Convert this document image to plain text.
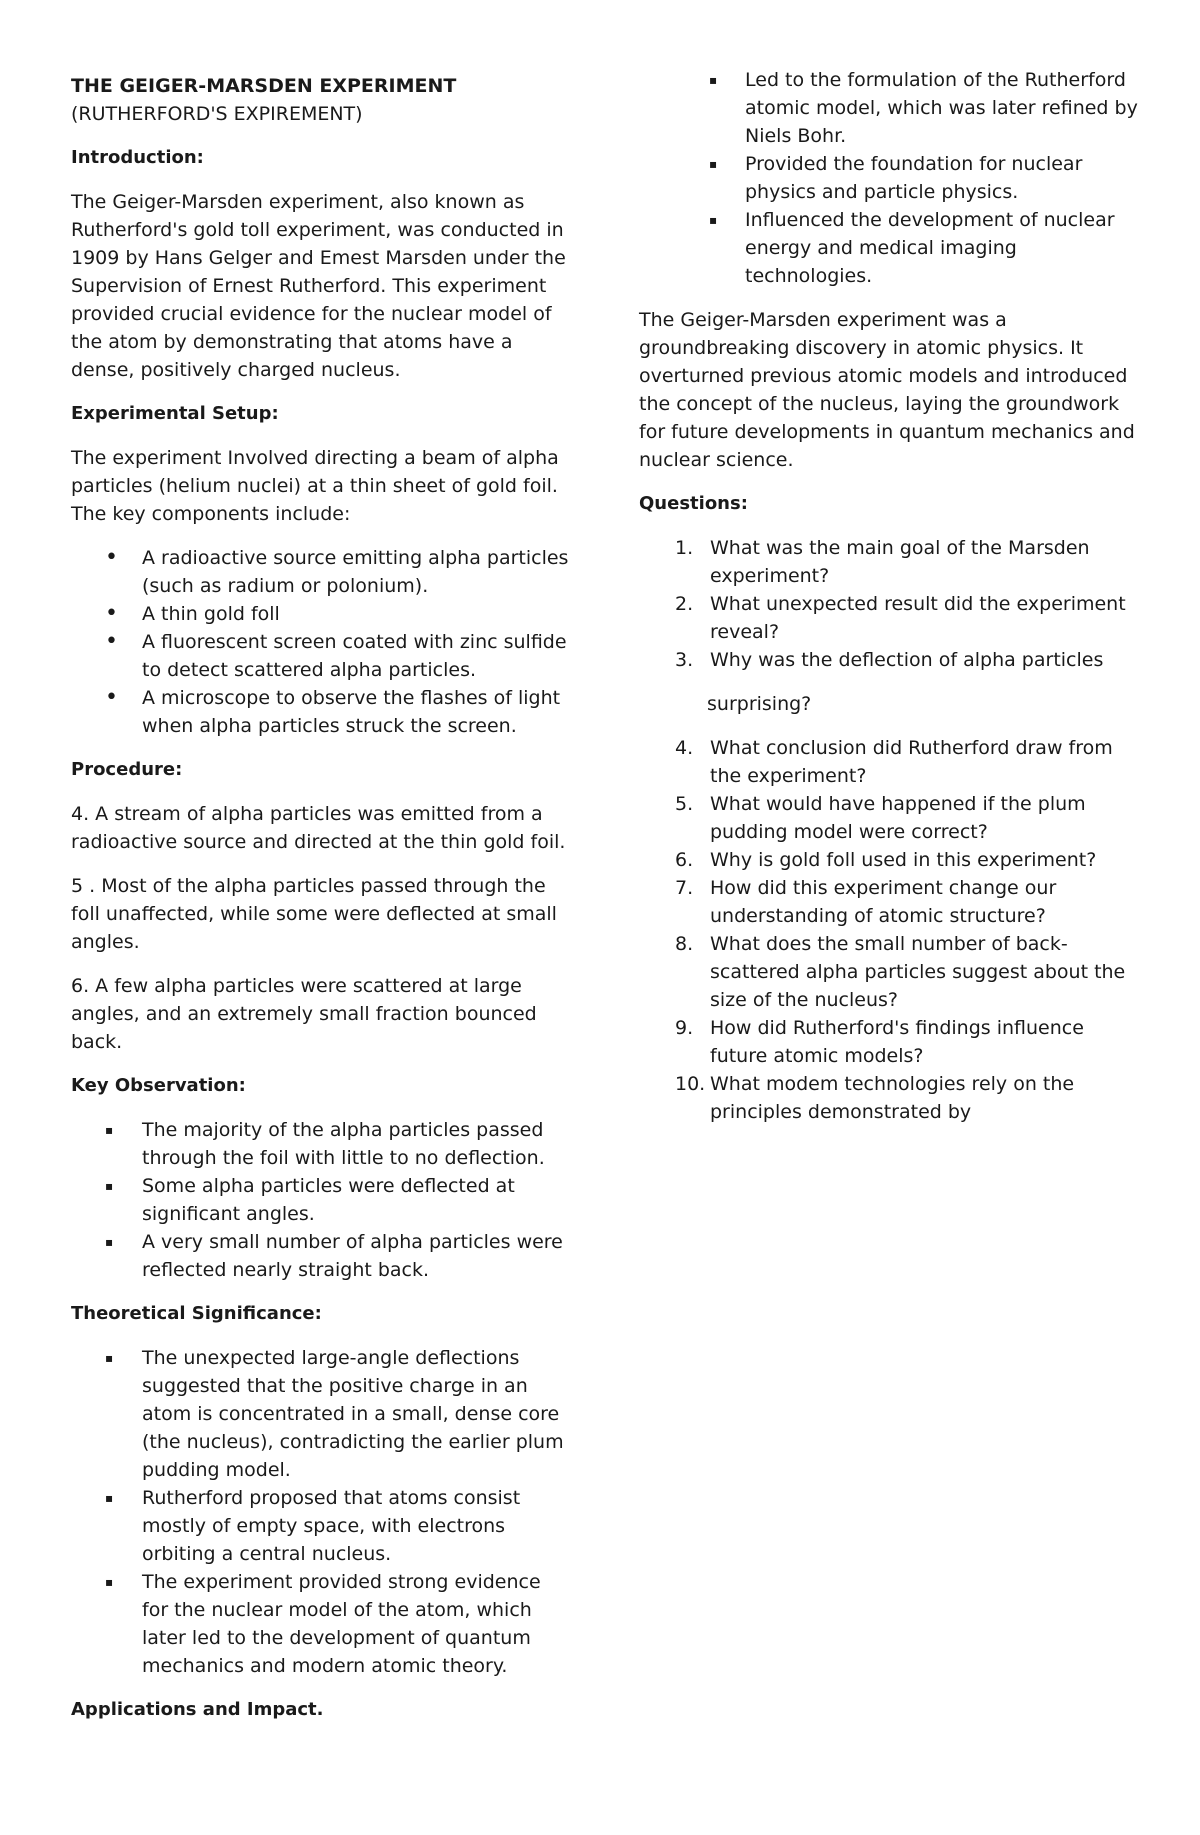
THE GEIGER-MARSDEN EXPERIMENT (RUTHERFORD'S EXPIREMENT)

Introduction:

The Geiger-Marsden experiment, also known as Rutherford's gold toll experiment, was conducted in 1909 by Hans Gelger and Emest Marsden under the Supervision of Ernest Rutherford. This experiment provided crucial evidence for the nuclear model of the atom by demonstrating that atoms have a dense, positively charged nucleus.

Experimental Setup:

The experiment Involved directing a beam of alpha particles (helium nuclei) at a thin sheet of gold foil. The key components include:

• A radioactive source emitting alpha particles (such as radium or polonium).
• A thin gold foll
• A fluorescent screen coated with zinc sulfide to detect scattered alpha particles.
• A microscope to observe the flashes of light when alpha particles struck the screen.

Procedure:

4. A stream of alpha particles was emitted from a radioactive source and directed at the thin gold foil.

5 . Most of the alpha particles passed through the foll unaffected, while some were deflected at small angles.

6. A few alpha particles were scattered at large angles, and an extremely small fraction bounced back.

Key Observation:

▪ The majority of the alpha particles passed through the foil with little to no deflection.
▪ Some alpha particles were deflected at significant angles.
▪ A very small number of alpha particles were reflected nearly straight back.

Theoretical Significance:

▪ The unexpected large-angle deflections suggested that the positive charge in an atom is concentrated in a small, dense core (the nucleus), contradicting the earlier plum pudding model.
▪ Rutherford proposed that atoms consist mostly of empty space, with electrons orbiting a central nucleus.
▪ The experiment provided strong evidence for the nuclear model of the atom, which later led to the development of quantum mechanics and modern atomic theory.

Applications and Impact.

▪ Led to the formulation of the Rutherford atomic model, which was later refined by Niels Bohr.
▪ Provided the foundation for nuclear physics and particle physics.
▪ Influenced the development of nuclear energy and medical imaging technologies.

The Geiger-Marsden experiment was a groundbreaking discovery in atomic physics. It overturned previous atomic models and introduced the concept of the nucleus, laying the groundwork for future developments in quantum mechanics and nuclear science.

Questions:

1. What was the main goal of the Marsden experiment?
2. What unexpected result did the experiment reveal?
3. Why was the deflection of alpha particles

surprising?

4. What conclusion did Rutherford draw from the experiment?
5. What would have happened if the plum pudding model were correct?
6. Why is gold foll used in this experiment?
7. How did this experiment change our understanding of atomic structure?
8. What does the small number of back-scattered alpha particles suggest about the size of the nucleus?
9. How did Rutherford's findings influence future atomic models?
10. What modem technologies rely on the principles demonstrated by
